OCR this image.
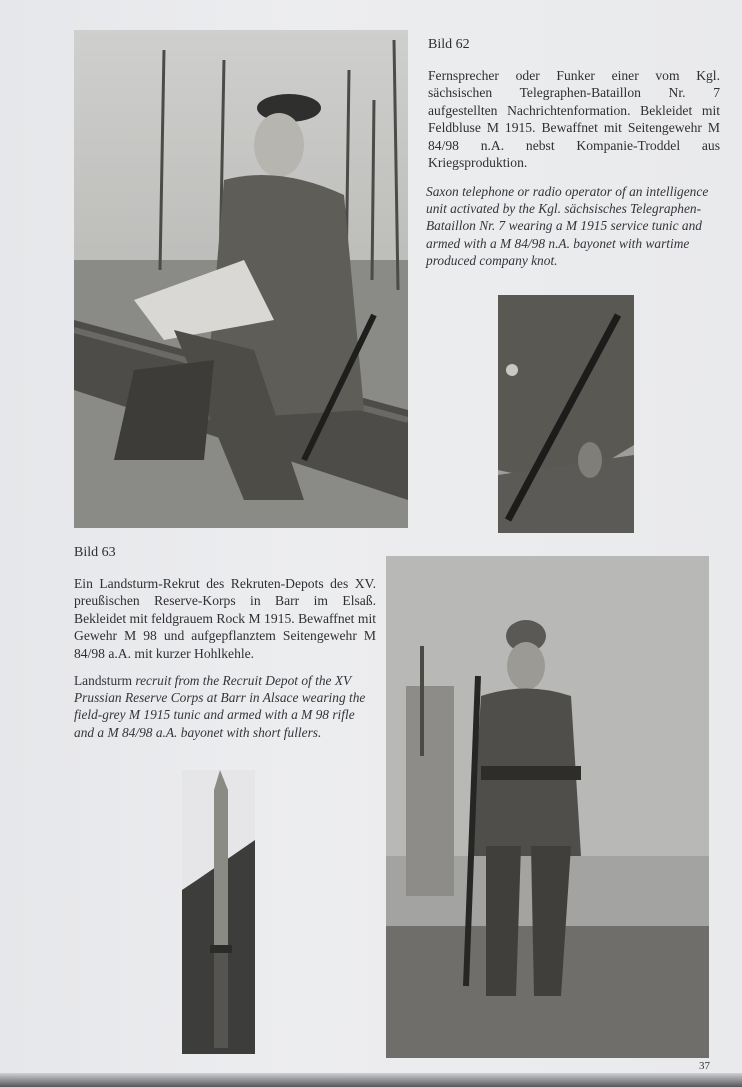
Bild 62

Fernsprecher oder Funker einer vom Kgl. sächsischen Telegraphen-Bataillon Nr. 7 aufgestellten Nachrichtenformation. Bekleidet mit Feldbluse M 1915. Bewaffnet mit Seitengewehr M 84/98 n.A. nebst Kompanie-Troddel aus Kriegsproduktion.

Saxon telephone or radio operator of an intelligence unit activated by the Kgl. sächsisches Telegraphen-Bataillon Nr. 7 wearing a M 1915 service tunic and armed with a M 84/98 n.A. bayonet with wartime produced company knot.

Bild 63

Ein Landsturm-Rekrut des Rekruten-Depots des XV. preußischen Reserve-Korps in Barr im Elsaß. Bekleidet mit feldgrauem Rock M 1915. Bewaffnet mit Gewehr M 98 und aufgepflanztem Seitengewehr M 84/98 a.A. mit kurzer Hohlkehle.

Landsturm recruit from the Recruit Depot of the XV Prussian Reserve Corps at Barr in Alsace wearing the field-grey M 1915 tunic and armed with a M 98 rifle and a M 84/98 a.A. bayonet with short fullers.

37
